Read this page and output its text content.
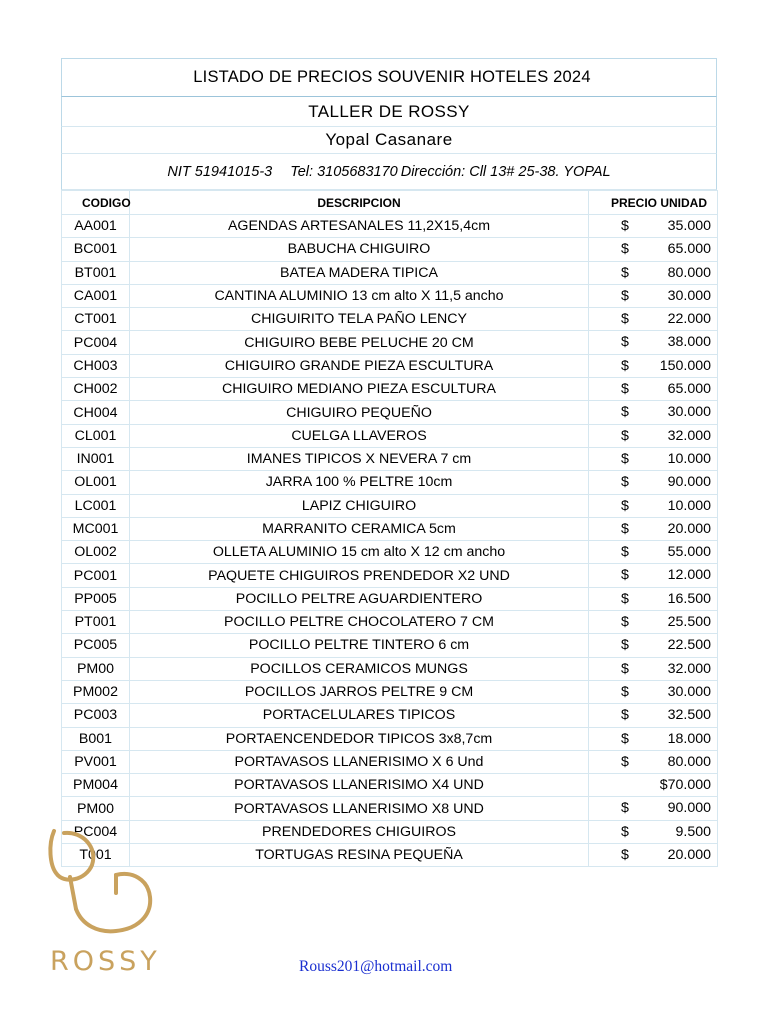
LISTADO DE PRECIOS SOUVENIR HOTELES 2024
TALLER DE ROSSY
Yopal Casanare
NIT 51941015-3 Tel: 3105683170 Dirección: Cll 13# 25-38. YOPAL
CODIGO	DESCRIPCION	PRECIO UNIDAD
AA001	AGENDAS ARTESANALES 11,2X15,4cm	$ 35.000

BC001	BABUCHA CHIGUIRO	$ 65.000

BT001	BATEA MADERA TIPICA	$ 80.000

CA001	CANTINA ALUMINIO 13 cm alto X 11,5 ancho	$ 30.000

CT001	CHIGUIRITO TELA PAÑO LENCY	$ 22.000

PC004	CHIGUIRO BEBE PELUCHE 20 CM	$ 38.000

CH003	CHIGUIRO GRANDE PIEZA ESCULTURA	$ 150.000

CH002	CHIGUIRO MEDIANO PIEZA ESCULTURA	$ 65.000

CH004	CHIGUIRO PEQUEÑO	$ 30.000

CL001	CUELGA LLAVEROS	$ 32.000

IN001	IMANES TIPICOS X NEVERA 7 cm	$ 10.000

OL001	JARRA 100 % PELTRE 10cm	$ 90.000

LC001	LAPIZ CHIGUIRO	$ 10.000

MC001	MARRANITO CERAMICA 5cm	$ 20.000

OL002	OLLETA ALUMINIO 15 cm alto X 12 cm ancho	$ 55.000

PC001	PAQUETE CHIGUIROS PRENDEDOR X2 UND	$ 12.000

PP005	POCILLO PELTRE AGUARDIENTERO	$ 16.500

PT001	POCILLO PELTRE CHOCOLATERO 7 CM	$ 25.500

PC005	POCILLO PELTRE TINTERO 6 cm	$ 22.500

PM00	POCILLOS CERAMICOS MUNGS	$ 32.000

PM002	POCILLOS JARROS PELTRE 9 CM	$ 30.000

PC003	PORTACELULARES TIPICOS	$ 32.500

B001	PORTAENCENDEDOR TIPICOS 3x8,7cm	$ 18.000

PV001	PORTAVASOS LLANERISIMO X 6 Und	$ 80.000

PM004	PORTAVASOS LLANERISIMO X4 UND	$70.000

PM00	PORTAVASOS LLANERISIMO X8 UND	$ 90.000

PC004	PRENDEDORES CHIGUIROS	$ 9.500

T001	TORTUGAS RESINA PEQUEÑA	$ 20.000
ROSSY	Rouss201@hotmail.com
